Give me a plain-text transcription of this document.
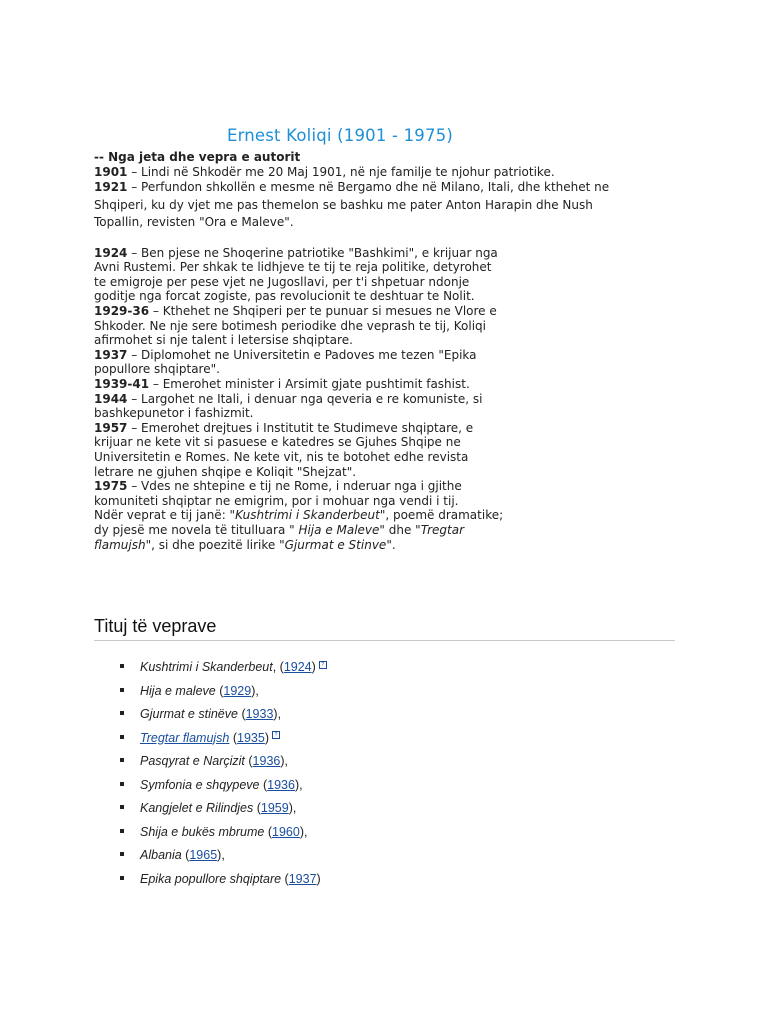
Ernest Koliqi (1901 - 1975)

-- Nga jeta dhe vepra e autorit

1901 – Lindi në Shkodër me 20 Maj 1901, në nje familje te njohur patriotike.

1921 – Perfundon shkollën e mesme në Bergamo dhe në Milano, Itali, dhe kthehet ne

Shqiperi, ku dy vjet me pas themelon se bashku me pater Anton Harapin dhe Nush

Topallin, revisten "Ora e Maleve".

1924 – Ben pjese ne Shoqerine patriotike "Bashkimi", e krijuar nga

Avni Rustemi. Per shkak te lidhjeve te tij te reja politike, detyrohet

te emigroje per pese vjet ne Jugosllavi, per t'i shpetuar ndonje

goditje nga forcat zogiste, pas revolucionit te deshtuar te Nolit.

1929-36 – Kthehet ne Shqiperi per te punuar si mesues ne Vlore e

Shkoder. Ne nje sere botimesh periodike dhe veprash te tij, Koliqi

afirmohet si nje talent i letersise shqiptare.

1937 – Diplomohet ne Universitetin e Padoves me tezen "Epika

popullore shqiptare".

1939-41 – Emerohet minister i Arsimit gjate pushtimit fashist.

1944 – Largohet ne Itali, i denuar nga qeveria e re komuniste, si

bashkepunetor i fashizmit.

1957 – Emerohet drejtues i Institutit te Studimeve shqiptare, e

krijuar ne kete vit si pasuese e katedres se Gjuhes Shqipe ne

Universitetin e Romes. Ne kete vit, nis te botohet edhe revista

letrare ne gjuhen shqipe e Koliqit "Shejzat".

1975 – Vdes ne shtepine e tij ne Rome, i nderuar nga i gjithe

komuniteti shqiptar ne emigrim, por i mohuar nga vendi i tij.

Ndër veprat e tij janë: "Kushtrimi i Skanderbeut", poemë dramatike;

dy pjesë me novela të titulluara " Hija e Maleve" dhe "Tregtar

flamujsh", si dhe poezitë lirike "Gjurmat e Stinve".

Tituj të veprave
Kushtrimi i Skanderbeut, (1924) ?
Hija e maleve (1929),
Gjurmat e stinëve (1933),
Tregtar flamujsh (1935) ?
Pasqyrat e Narçizit (1936),
Symfonia e shqypeve (1936),
Kangjelet e Rilindjes (1959),
Shija e bukës mbrume (1960),
Albania (1965),
Epika popullore shqiptare (1937)
